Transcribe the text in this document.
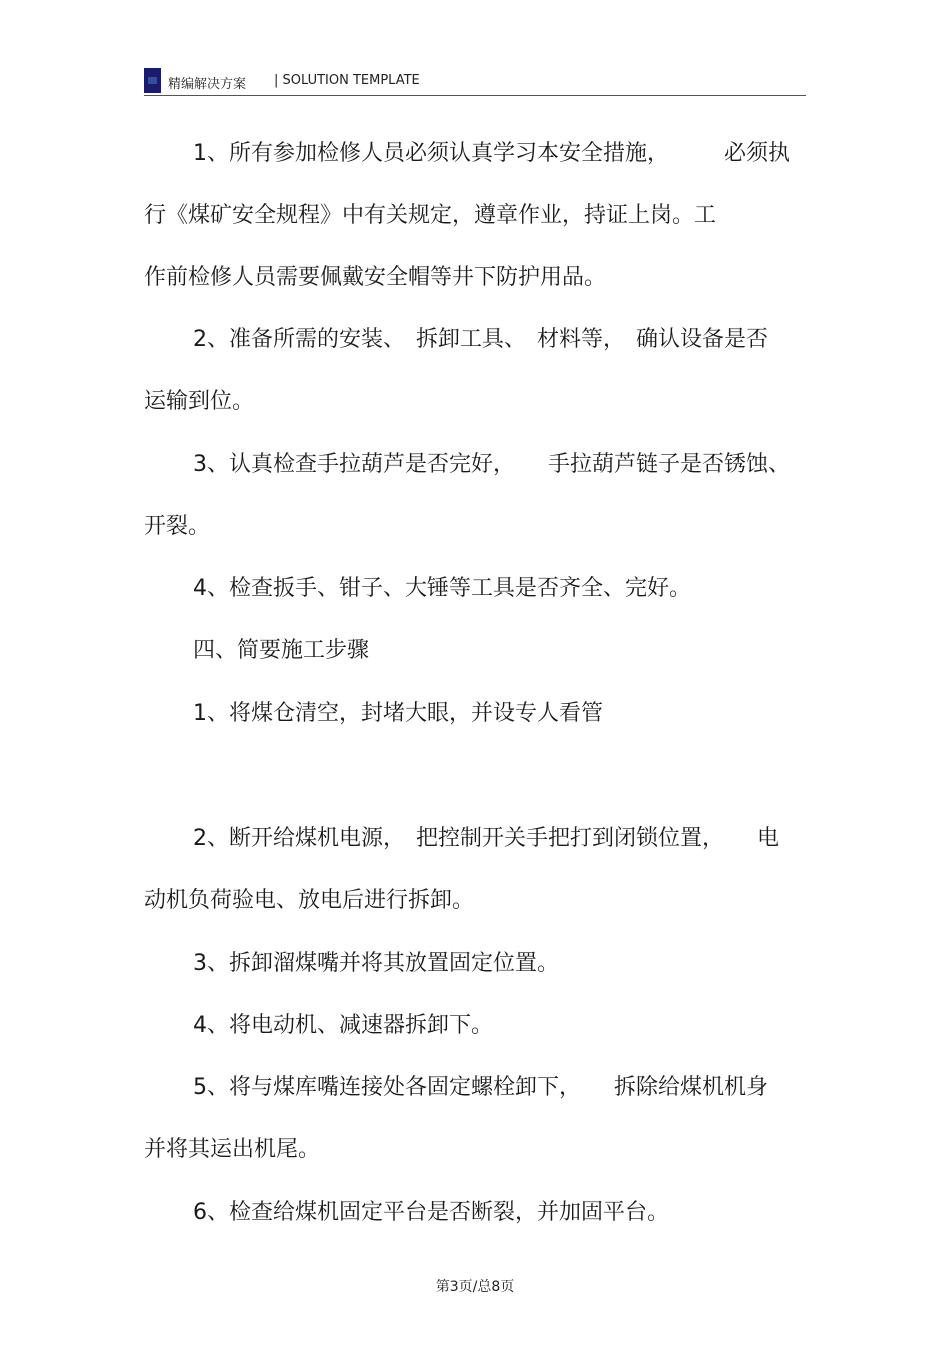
精编解决方案 | SOLUTION TEMPLATE
1、所有参加检修人员必须认真学习本安全措施，　　　必须执
行《煤矿安全规程》中有关规定，遵章作业，持证上岗。工
作前检修人员需要佩戴安全帽等井下防护用品。
2、准备所需的安装、　拆卸工具、　材料等，　确认设备是否
运输到位。
3、认真检查手拉葫芦是否完好，　　手拉葫芦链子是否锈蚀、
开裂。
4、检查扳手、钳子、大锤等工具是否齐全、完好。
四、简要施工步骤
1、将煤仓清空，封堵大眼，并设专人看管
2、断开给煤机电源，　把控制开关手把打到闭锁位置，　　电
动机负荷验电、放电后进行拆卸。
3、拆卸溜煤嘴并将其放置固定位置。
4、将电动机、减速器拆卸下。
5、将与煤库嘴连接处各固定螺栓卸下，　　拆除给煤机机身
并将其运出机尾。
6、检查给煤机固定平台是否断裂，并加固平台。
第3页/总8页
